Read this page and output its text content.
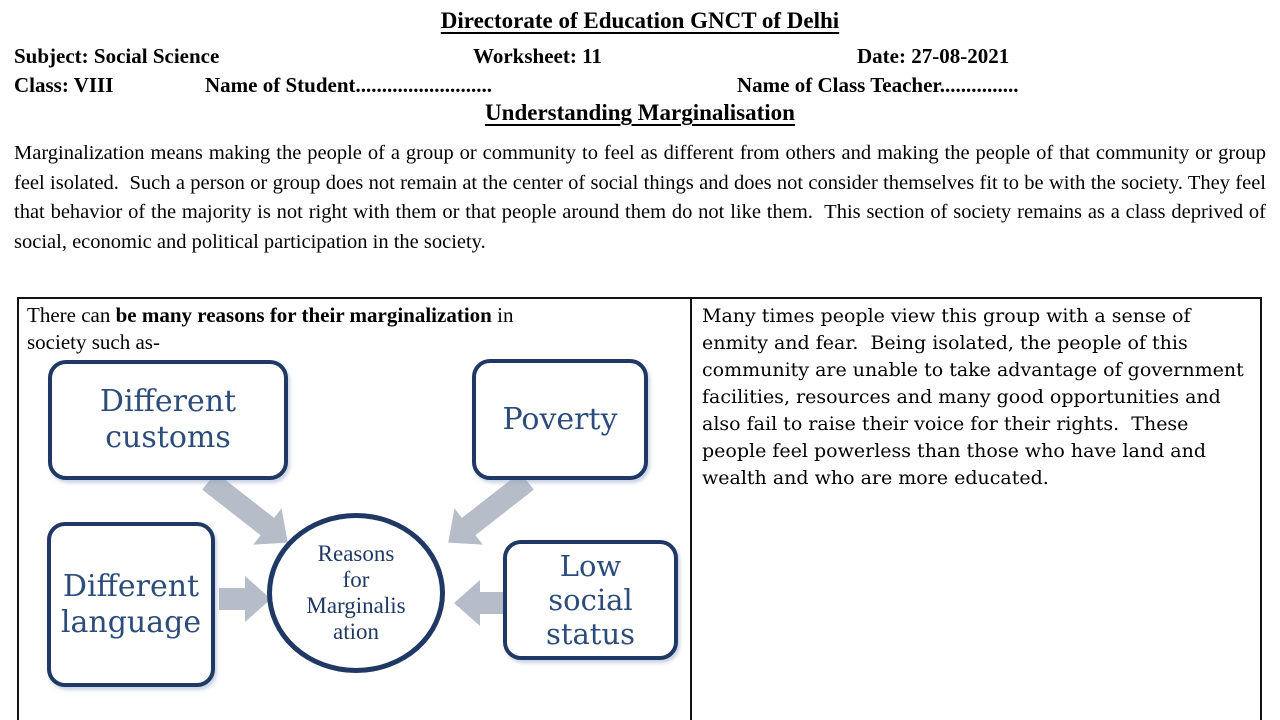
Directorate of Education GNCT of Delhi
Subject: Social Science	Worksheet: 11	Date: 27-08-2021
Class: VIII	Name of Student..........................	Name of Class Teacher...............
Understanding Marginalisation
Marginalization means making the people of a group or community to feel as different from others and making the people of that community or group feel isolated.  Such a person or group does not remain at the center of social things and does not consider themselves fit to be with the society. They feel that behavior of the majority is not right with them or that people around them do not like them.  This section of society remains as a class deprived of social, economic and political participation in the society.
There can be many reasons for their marginalization in
society such as-
Different customs
Poverty
Different language
Low social status
Reasons
for
Marginalis
ation
Many times people view this group with a sense of enmity and fear.  Being isolated, the people of this community are unable to take advantage of government facilities, resources and many good opportunities and also fail to raise their voice for their rights.  These people feel powerless than those who have land and wealth and who are more educated.
